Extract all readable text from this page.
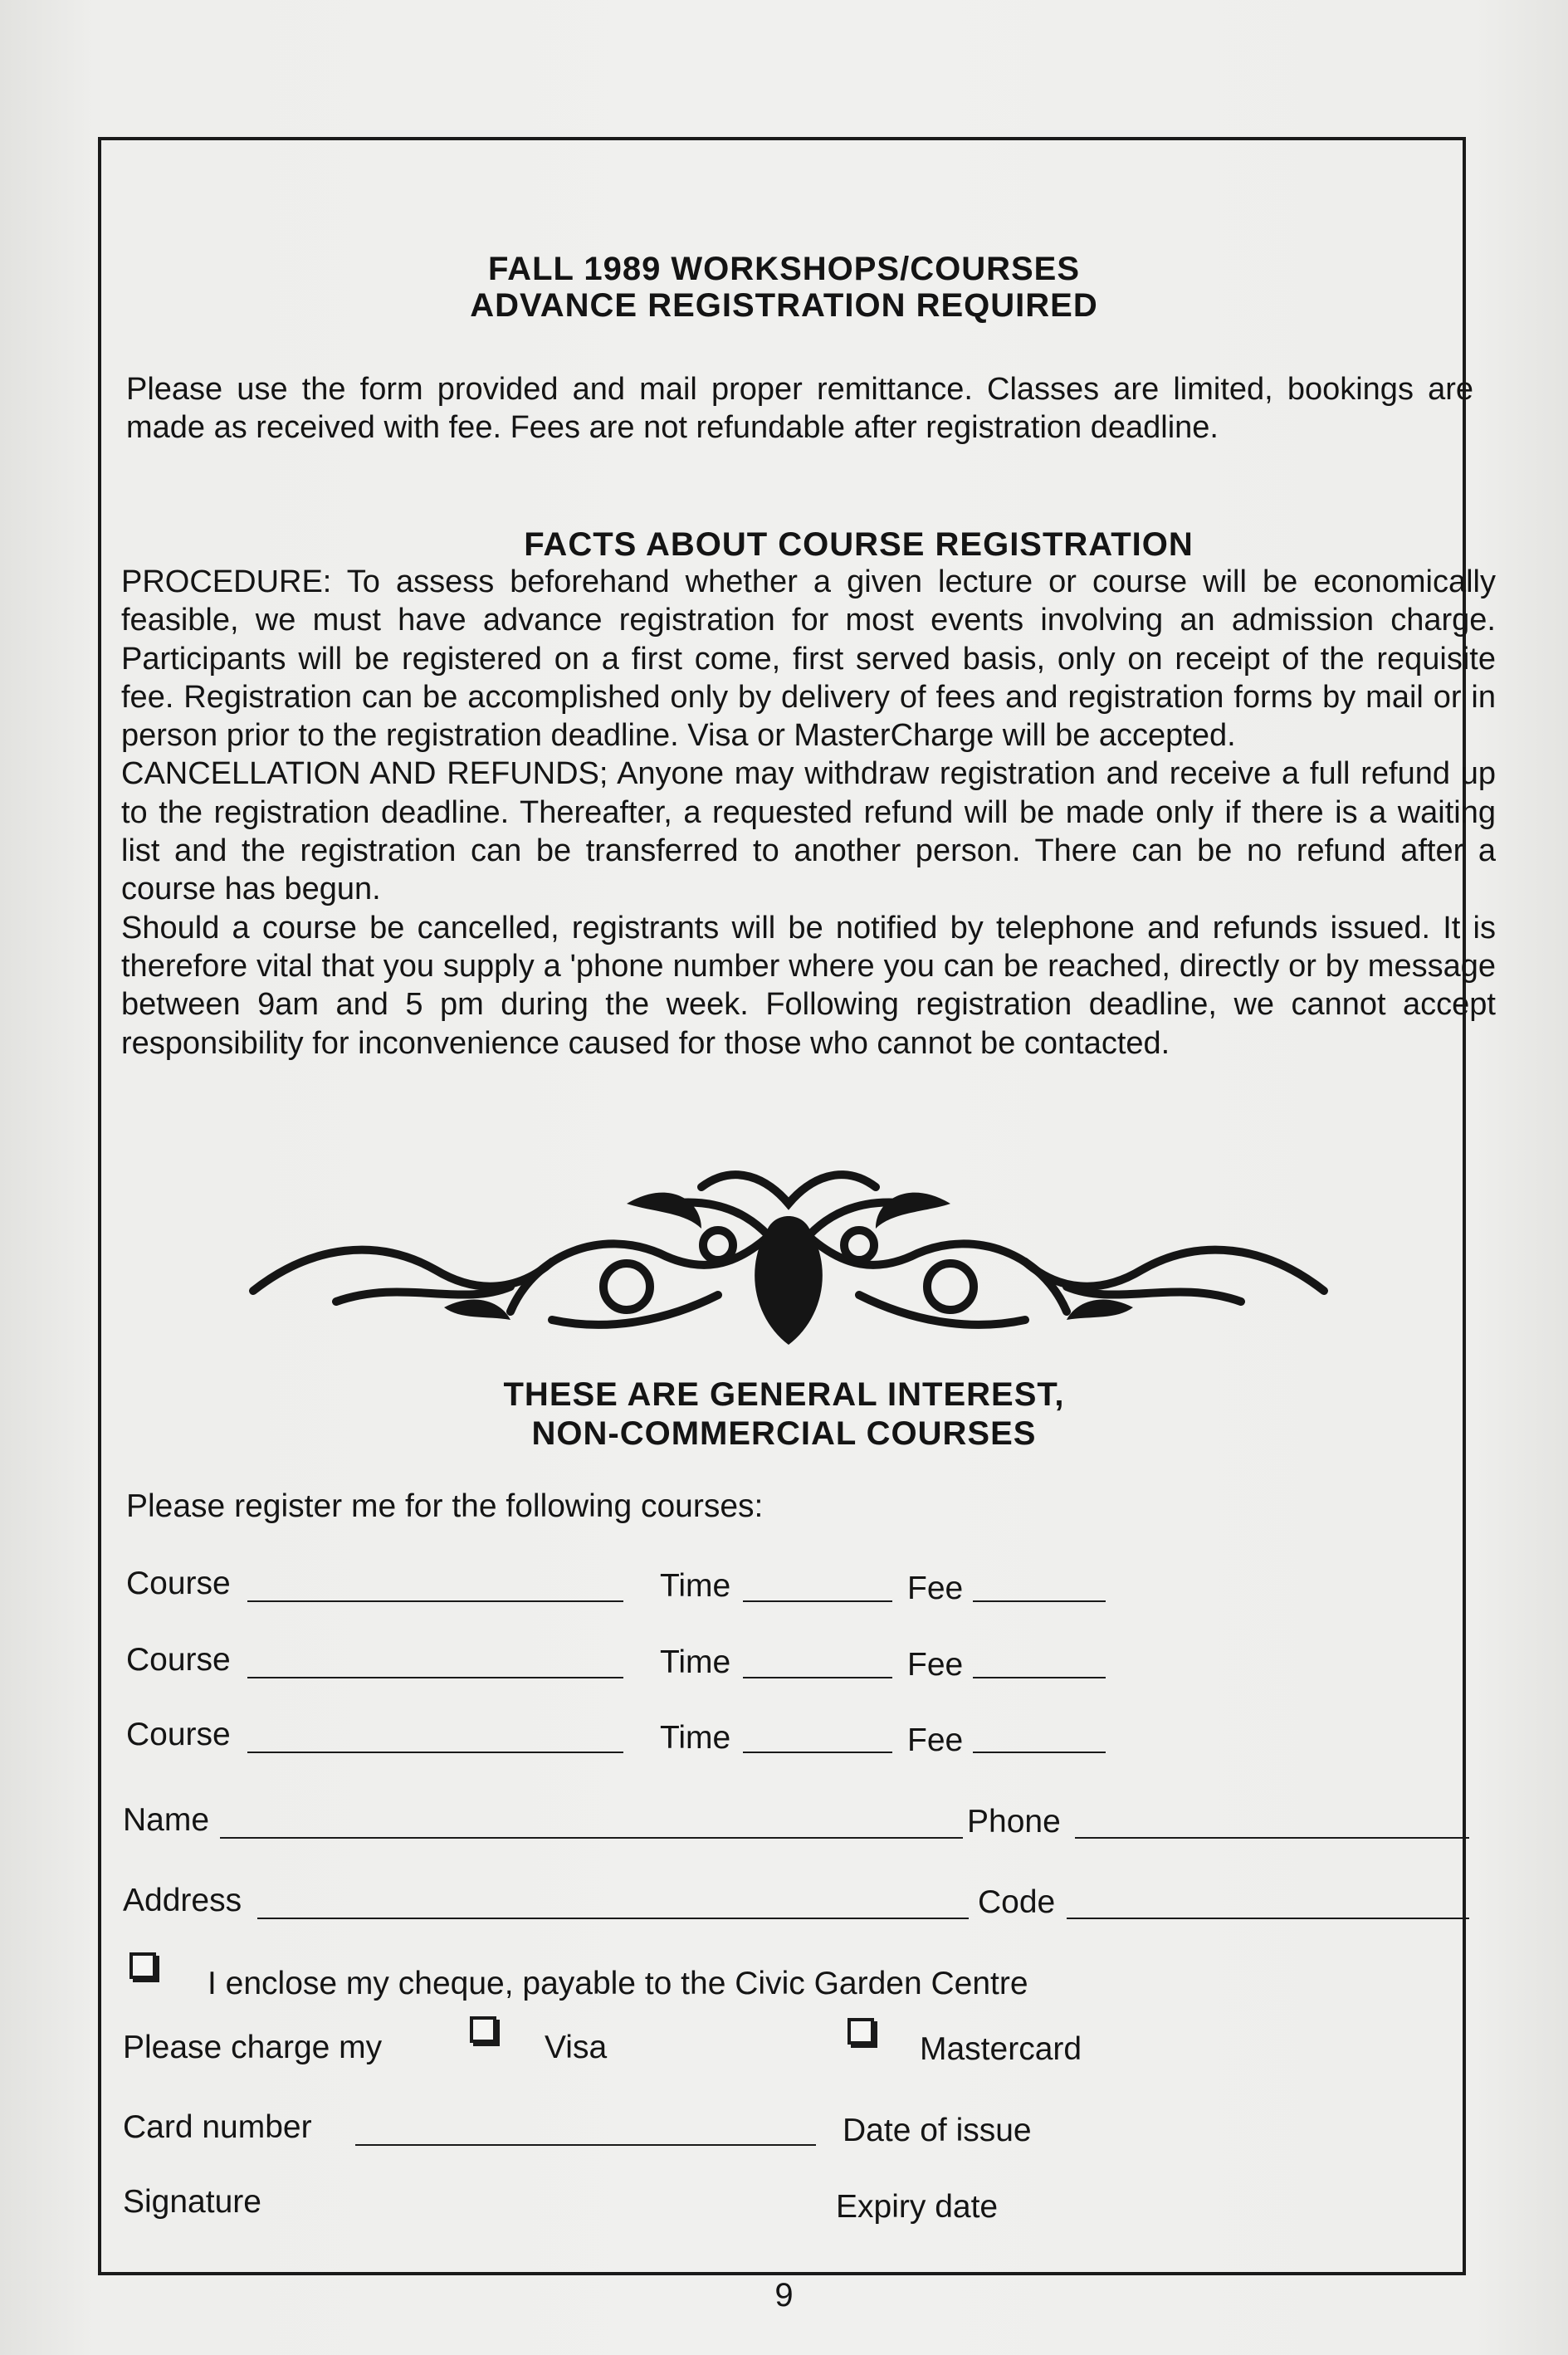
FALL 1989 WORKSHOPS/COURSES
ADVANCE REGISTRATION REQUIRED
Please use the form provided and mail proper remittance. Classes are limited, bookings are made as received with fee. Fees are not refundable after registration deadline.
FACTS ABOUT COURSE REGISTRATION

PROCEDURE: To assess beforehand whether a given lecture or course will be economically feasible, we must have advance registration for most events involving an admission charge. Participants will be registered on a first come, first served basis, only on receipt of the requisite fee. Registration can be accomplished only by delivery of fees and registration forms by mail or in person prior to the registration deadline. Visa or MasterCharge will be accepted.

CANCELLATION AND REFUNDS; Anyone may withdraw registration and receive a full refund up to the registration deadline. Thereafter, a requested refund will be made only if there is a waiting list and the registration can be transferred to another person. There can be no refund after a course has begun.

Should a course be cancelled, registrants will be notified by telephone and refunds issued. It is therefore vital that you supply a 'phone number where you can be reached, directly or by message between 9am and 5 pm during the week. Following registration deadline, we cannot accept responsibility for inconvenience caused for those who cannot be contacted.

THESE ARE GENERAL INTEREST,
NON-COMMERCIAL COURSES
Please register me for the following courses:
Course	Time	Fee
Course	Time	Fee
Course	Time	Fee
Name	Phone
Address	Code
I enclose my cheque, payable to the Civic Garden Centre
Please charge my	Visa	Mastercard
Card number	Date of issue
Signature	Expiry date
9
